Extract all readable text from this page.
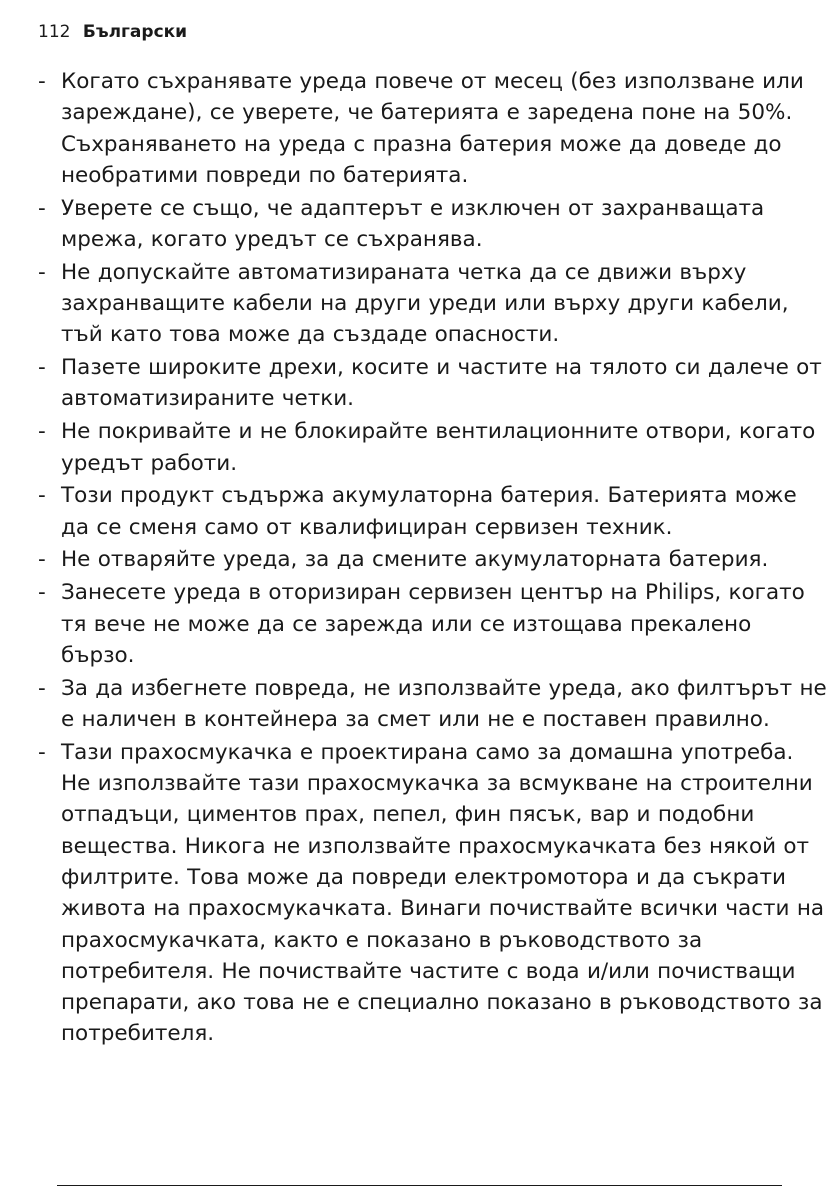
112 Български
- Когато съхранявате уреда повече от месец (без използване или зареждане), се уверете, че батерията е заредена поне на 50%. Съхраняването на уреда с празна батерия може да доведе до необратими повреди по батерията.
- Уверете се също, че адаптерът е изключен от захранващата мрежа, когато уредът се съхранява.
- Не допускайте автоматизираната четка да се движи върху захранващите кабели на други уреди или върху други кабели, тъй като това може да създаде опасности.
- Пазете широките дрехи, косите и частите на тялото си далече от автоматизираните четки.
- Не покривайте и не блокирайте вентилационните отвори, когато уредът работи.
- Този продукт съдържа акумулаторна батерия. Батерията може да се сменя само от квалифициран сервизен техник.
- Не отваряйте уреда, за да смените акумулаторната батерия.
- Занесете уреда в оторизиран сервизен център на Philips, когато тя вече не може да се зарежда или се изтощава прекалено бързо.
- За да избегнете повреда, не използвайте уреда, ако филтърът не е наличен в контейнера за смет или не е поставен правилно.
- Тази прахосмукачка е проектирана само за домашна употреба. Не използвайте тази прахосмукачка за всмукване на строителни отпадъци, циментов прах, пепел, фин пясък, вар и подобни вещества. Никога не използвайте прахосмукачката без някой от филтрите. Това може да повреди електромотора и да съкрати живота на прахосмукачката. Винаги почиствайте всички части на прахосмукачката, както е показано в ръководството за потребителя. Не почиствайте частите с вода и/или почистващи препарати, ако това не е специално показано в ръководството за потребителя.
